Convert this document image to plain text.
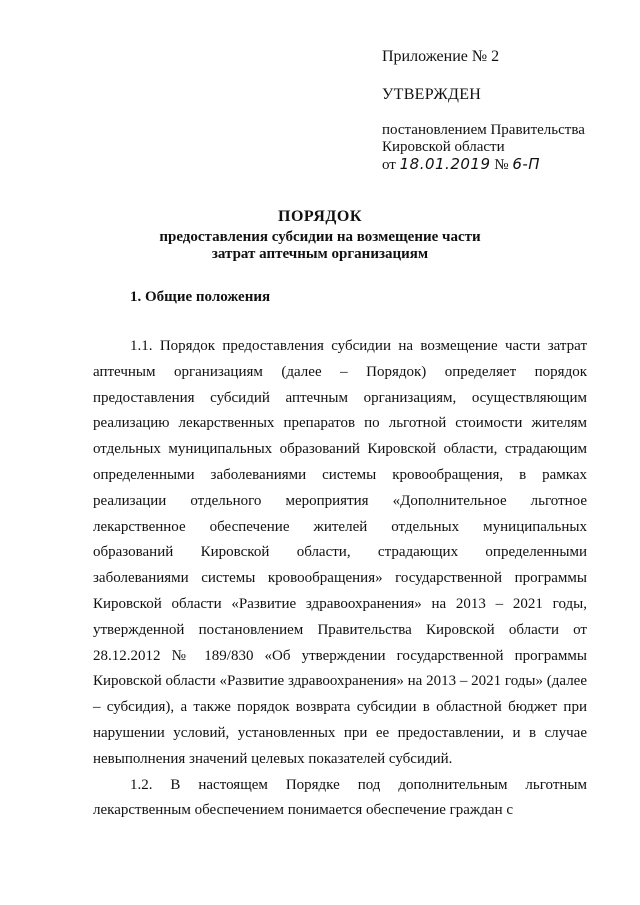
Приложение № 2
УТВЕРЖДЕН
постановлением Правительства
Кировской области
от 18.01.2019 № 6-П
ПОРЯДОК
предоставления субсидии на возмещение части
затрат аптечным организациям
1. Общие положения

1.1. Порядок предоставления субсидии на возмещение части затрат аптечным организациям (далее – Порядок) определяет порядок предоставления субсидий аптечным организациям, осуществляющим реализацию лекарственных препаратов по льготной стоимости жителям отдельных муниципальных образований Кировской области, страдающим определенными заболеваниями системы кровообращения, в рамках реализации отдельного мероприятия «Дополнительное льготное лекарственное обеспечение жителей отдельных муниципальных образований Кировской области, страдающих определенными заболеваниями системы кровообращения» государственной программы Кировской области «Развитие здравоохранения» на 2013 – 2021 годы, утвержденной постановлением Правительства Кировской области от 28.12.2012 № 189/830 «Об утверждении государственной программы Кировской области «Развитие здравоохранения» на 2013 – 2021 годы» (далее – субсидия), а также порядок возврата субсидии в областной бюджет при нарушении условий, установленных при ее предоставлении, и в случае невыполнения значений целевых показателей субсидий.

1.2. В настоящем Порядке под дополнительным льготным лекарственным обеспечением понимается обеспечение граждан с
